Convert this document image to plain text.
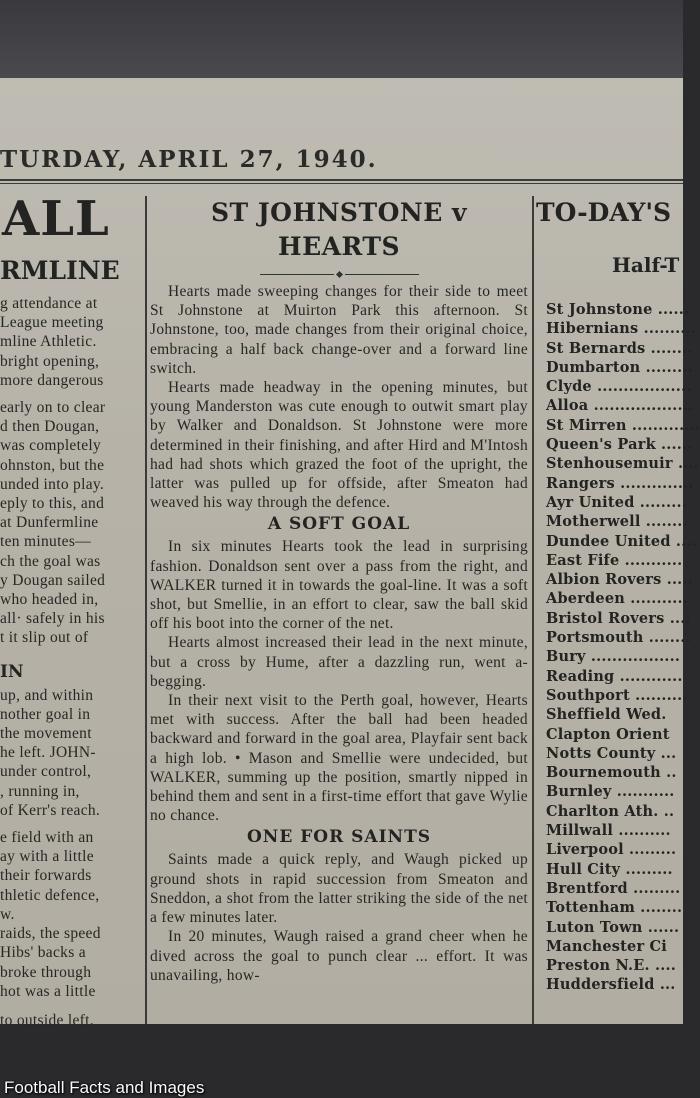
TURDAY, APRIL 27, 1940.
ALL
RMLINE

g attendance at
League meeting
mline Athletic.
bright opening,
more dangerous

early on to clear
d then Dougan,
was completely
ohnston, but the
unded into play.
eply to this, and
at Dunfermline
ten minutes—
ch the goal was
y Dougan sailed
who headed in,
all· safely in his
t it slip out of

IN

up, and within
nother goal in
the movement
he left. JOHN-
under control,
, running in,
of Kerr's reach.

e field with an
ay with a little
their forwards
thletic defence,
w.
raids, the speed
Hibs' backs a
broke through
hot was a little

to outside left.

ST JOHNSTONE v
HEARTS

Hearts made sweeping changes for their side to meet St Johnstone at Muirton Park this afternoon. St Johnstone, too, made changes from their original choice, embracing a half back change-over and a forward line switch.

Hearts made headway in the opening minutes, but young Manderston was cute enough to outwit smart play by Walker and Donaldson. St Johnstone were more determined in their finishing, and after Hird and M'Intosh had had shots which grazed the foot of the upright, the latter was pulled up for offside, after Smeaton had weaved his way through the defence.

A SOFT GOAL

In six minutes Hearts took the lead in surprising fashion. Donaldson sent over a pass from the right, and WALKER turned it in towards the goal-line. It was a soft shot, but Smellie, in an effort to clear, saw the ball skid off his boot into the corner of the net.

Hearts almost increased their lead in the next minute, but a cross by Hume, after a dazzling run, went a-begging.

In their next visit to the Perth goal, however, Hearts met with success. After the ball had been headed backward and forward in the goal area, Playfair sent back a high lob. • Mason and Smellie were undecided, but WALKER, summing up the position, smartly nipped in behind them and sent in a first-time effort that gave Wylie no chance.

ONE FOR SAINTS

Saints made a quick reply, and Waugh picked up ground shots in rapid succession from Smeaton and Sneddon, a shot from the latter striking the side of the net a few minutes later.

In 20 minutes, Waugh raised a grand cheer when he dived across the goal to punch clear ... effort. It was unavailing, how-

TO-DAY'S
Half-T
St Johnstone ......
Hibernians ..........
St Bernards ........
Dumbarton .........
Clyde ..................
Alloa ...................
St Mirren .............
Queen's Park ......
Stenhousemuir ....
Rangers ..............
Ayr United .........
Motherwell ........
Dundee United ....
East Fife ...........
Albion Rovers .....
Aberdeen ...........
Bristol Rovers ....
Portsmouth ........
Bury .................
Reading ............
Southport ..........
Sheffield Wed.
Clapton Orient
Notts County ...
Bournemouth ..
Burnley ...........
Charlton Ath. ..
Millwall ..........
Liverpool .........
Hull City .........
Brentford .........
Tottenham ........
Luton Town ......
Manchester Ci
Preston N.E. ....
Huddersfield ...
Football Facts and Images
